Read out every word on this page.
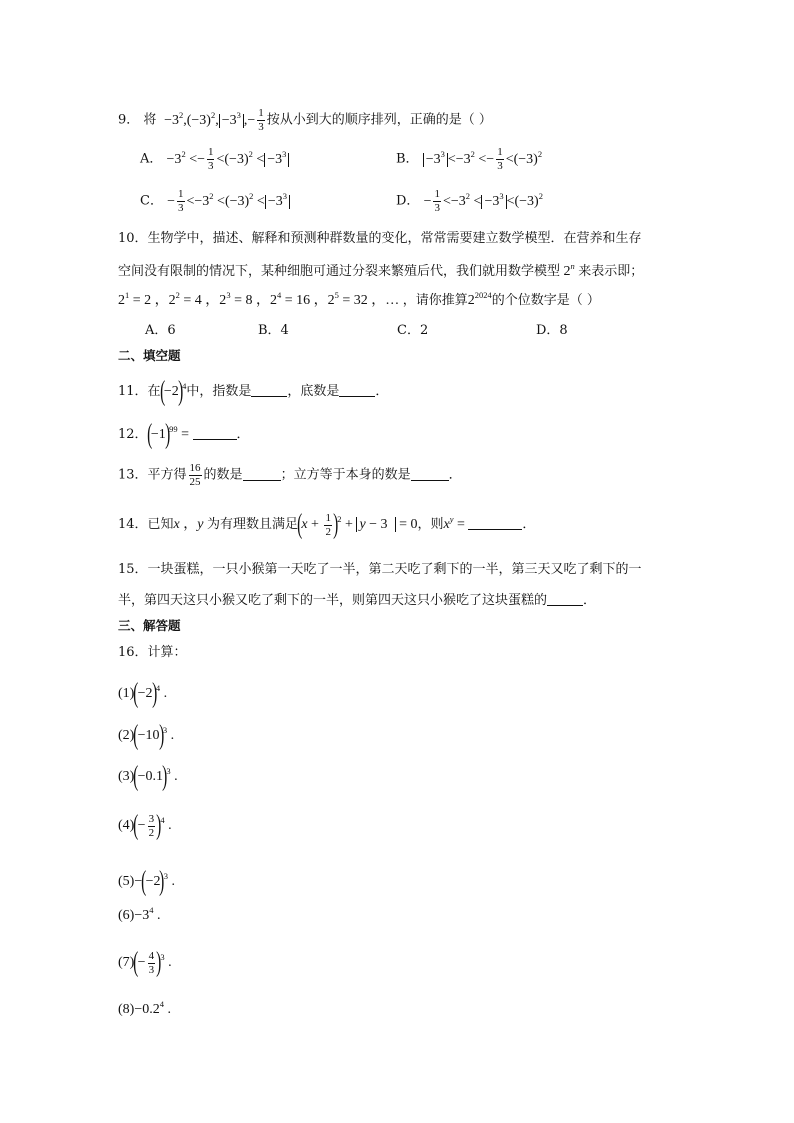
9． 将  $-3^2,(-3)^2$, $-3^3$ ,− $\frac{1}{3}$ 按从小到大的顺序排列，正确的是（ ）
A． $-3^2 <- \frac{1}{3} <(-3)^2 < -3^3$	B． $-3^3 <-3^2 <- \frac{1}{3} <(-3)^2$
C． − $\frac{1}{3} <-3^2 <(-3)^2 < -3^3$	D． − $\frac{1}{3} <-3^2 < -3^3 <(-3)^2$
10．生物学中，描述、解释和预测种群数量的变化，常常需要建立数学模型．在营养和生存
空间没有限制的情况下，某种细胞可通过分裂来繁殖后代，我们就用数学模型 2$^n$ 来表示即；
$2^1 = 2$ ，$2^2 = 4$ ，$2^3 = 8$ ，$2^4 = 16$ ，$2^5 = 32$ ，… ，请你推算$2^{2024}$的个位数字是（ ）
A．6	B．4	C．2	D．8
二、填空题
11．在$(-2)^4$中，指数是	，底数是	．
12．$(-1)^{99}$ =	．
13．平方得 $\frac{16}{25}$ 的数是	；立方等于本身的数是	．
14．已知x ，y 为有理数且满足$(x + \frac{1}{2} )^2 + y - 3 = 0$，则$x^y$ =	．
15．一块蛋糕，一只小猴第一天吃了一半，第二天吃了剩下的一半，第三天又吃了剩下的一
半，第四天这只小猴又吃了剩下的一半，则第四天这只小猴吃了这块蛋糕的	．
三、解答题
16．计算：
$(1)(-2)^4$ .
$(2)(-10)^3$ .
$(3)(-0.1)^3$ .
$(4)(- \frac{3}{2} )^4$ .
$(5)-(-2)^3$ .
$(6)-3^4$ .
$(7)(- \frac{4}{3} )^3$ .
$(8)-0.2^4$ .
